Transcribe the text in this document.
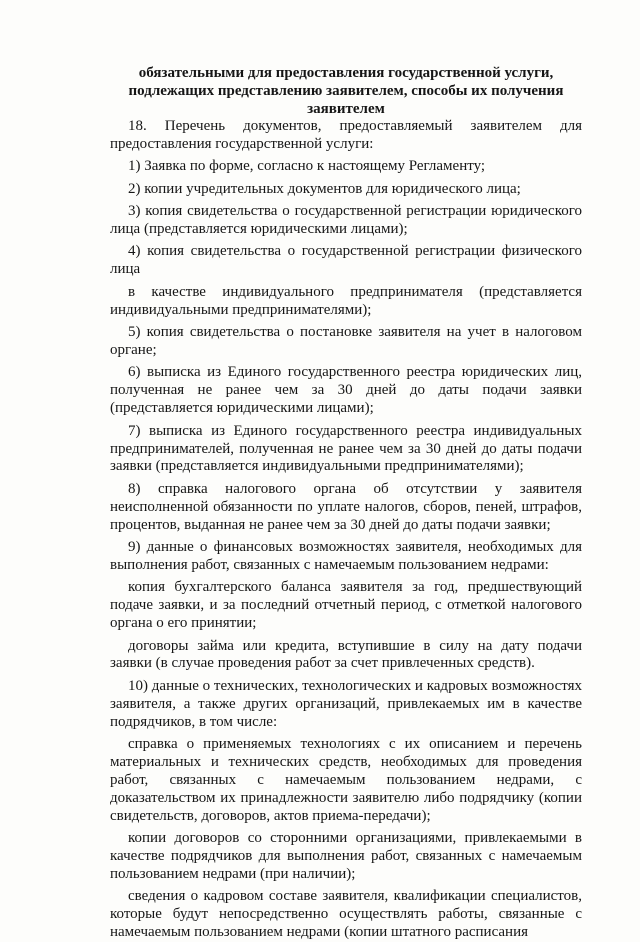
обязательными для предоставления государственной услуги,
подлежащих представлению заявителем, способы их получения
заявителем

18. Перечень документов, предоставляемый заявителем для предоставления государственной услуги:

1) Заявка по форме, согласно к настоящему Регламенту;

2) копии учредительных документов для юридического лица;

3) копия свидетельства о государственной регистрации юридического лица (представляется юридическими лицами);

4) копия свидетельства о государственной регистрации физического лица

в качестве индивидуального предпринимателя (представляется индивидуальными предпринимателями);

5) копия свидетельства о постановке заявителя на учет в налоговом органе;

6) выписка из Единого государственного реестра юридических лиц, полученная не ранее чем за 30 дней до даты подачи заявки (представляется юридическими лицами);

7) выписка из Единого государственного реестра индивидуальных предпринимателей, полученная не ранее чем за 30 дней до даты подачи заявки (представляется индивидуальными предпринимателями);

8) справка налогового органа об отсутствии у заявителя неисполненной обязанности по уплате налогов, сборов, пеней, штрафов, процентов, выданная не ранее чем за 30 дней до даты подачи заявки;

9) данные о финансовых возможностях заявителя, необходимых для выполнения работ, связанных с намечаемым пользованием недрами:

копия бухгалтерского баланса заявителя за год, предшествующий подаче заявки, и за последний отчетный период, с отметкой налогового органа о его принятии;

договоры займа или кредита, вступившие в силу на дату подачи заявки (в случае проведения работ за счет привлеченных средств).

10) данные о технических, технологических и кадровых возможностях заявителя, а также других организаций, привлекаемых им в качестве подрядчиков, в том числе:

справка о применяемых технологиях с их описанием и перечень материальных и технических средств, необходимых для проведения работ, связанных с намечаемым пользованием недрами, с доказательством их принадлежности заявителю либо подрядчику (копии свидетельств, договоров, актов приема-передачи);

копии договоров со сторонними организациями, привлекаемыми в качестве подрядчиков для выполнения работ, связанных с намечаемым пользованием недрами (при наличии);

сведения о кадровом составе заявителя, квалификации специалистов, которые будут непосредственно осуществлять работы, связанные с намечаемым пользованием недрами (копии штатного расписания
